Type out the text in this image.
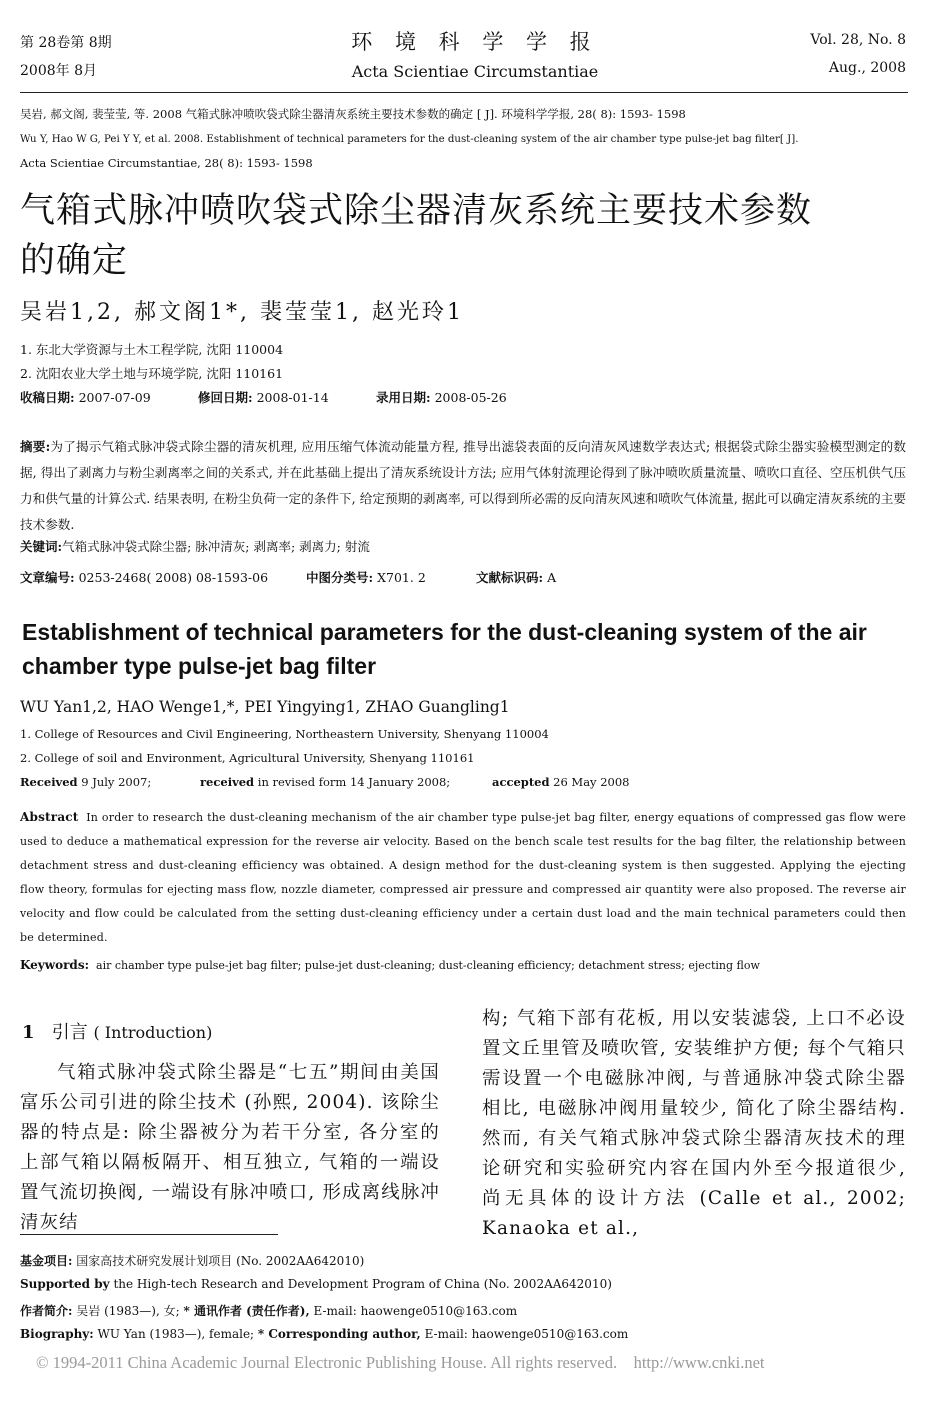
第 28卷第 8期
2008年 8月
环 境 科 学 学 报
Acta Scientiae Circumstantiae
Vol. 28, No. 8
Aug., 2008
吴岩, 郝文阁, 裴莹莹, 等. 2008 气箱式脉冲喷吹袋式除尘器清灰系统主要技术参数的确定 [ J]. 环境科学学报, 28( 8): 1593- 1598
Wu Y, Hao W G, Pei Y Y, et al. 2008. Establishment of technical parameters for the dust-cleaning system of the air chamber type pulse-jet bag filter[ J].
Acta Scientiae Circumstantiae, 28( 8): 1593- 1598
气箱式脉冲喷吹袋式除尘器清灰系统主要技术参数
的确定
吴岩1,2, 郝文阁1*, 裴莹莹1, 赵光玲1
1. 东北大学资源与土木工程学院, 沈阳 110004
2. 沈阳农业大学土地与环境学院, 沈阳 110161
收稿日期: 2007-07-09	修回日期: 2008-01-14	录用日期: 2008-05-26
摘要:为了揭示气箱式脉冲袋式除尘器的清灰机理, 应用压缩气体流动能量方程, 推导出滤袋表面的反向清灰风速数学表达式; 根据袋式除尘器实验模型测定的数据, 得出了剥离力与粉尘剥离率之间的关系式, 并在此基础上提出了清灰系统设计方法; 应用气体射流理论得到了脉冲喷吹质量流量、喷吹口直径、空压机供气压力和供气量的计算公式. 结果表明, 在粉尘负荷一定的条件下, 给定预期的剥离率, 可以得到所必需的反向清灰风速和喷吹气体流量, 据此可以确定清灰系统的主要技术参数.
关键词:气箱式脉冲袋式除尘器; 脉冲清灰; 剥离率; 剥离力; 射流
文章编号: 0253-2468( 2008) 08-1593-06	中图分类号: X701. 2	文献标识码: A
Establishment of technical parameters for the dust-cleaning system of the air
chamber type pulse-jet bag filter
WU Yan1,2, HAO Wenge1,*, PEI Yingying1, ZHAO Guangling1
1. College of Resources and Civil Engineering, Northeastern University, Shenyang 110004
2. College of soil and Environment, Agricultural University, Shenyang 110161
Received 9 July 2007;	received in revised form 14 January 2008;	accepted 26 May 2008
Abstract In order to research the dust-cleaning mechanism of the air chamber type pulse-jet bag filter, energy equations of compressed gas flow were used to deduce a mathematical expression for the reverse air velocity. Based on the bench scale test results for the bag filter, the relationship between detachment stress and dust-cleaning efficiency was obtained. A design method for the dust-cleaning system is then suggested. Applying the ejecting flow theory, formulas for ejecting mass flow, nozzle diameter, compressed air pressure and compressed air quantity were also proposed. The reverse air velocity and flow could be calculated from the setting dust-cleaning efficiency under a certain dust load and the main technical parameters could then be determined.
Keywords: air chamber type pulse-jet bag filter; pulse-jet dust-cleaning; dust-cleaning efficiency; detachment stress; ejecting flow
1 引言 ( Introduction)
气箱式脉冲袋式除尘器是“七五”期间由美国富乐公司引进的除尘技术 (孙熙, 2004). 该除尘器的特点是: 除尘器被分为若干分室, 各分室的上部气箱以隔板隔开、相互独立, 气箱的一端设置气流切换阀, 一端设有脉冲喷口, 形成离线脉冲清灰结
构; 气箱下部有花板, 用以安装滤袋, 上口不必设置文丘里管及喷吹管, 安装维护方便; 每个气箱只需设置一个电磁脉冲阀, 与普通脉冲袋式除尘器相比, 电磁脉冲阀用量较少, 简化了除尘器结构. 然而, 有关气箱式脉冲袋式除尘器清灰技术的理论研究和实验研究内容在国内外至今报道很少, 尚无具体的设计方法 (Calle et al., 2002; Kanaoka et al.,
基金项目: 国家高技术研究发展计划项目 (No. 2002AA642010)
Supported by the High-tech Research and Development Program of China (No. 2002AA642010)
作者简介: 吴岩 (1983—), 女; * 通讯作者 (责任作者), E-mail: haowenge0510@163.com
Biography: WU Yan (1983—), female; * Corresponding author, E-mail: haowenge0510@163.com
© 1994-2011 China Academic Journal Electronic Publishing House. All rights reserved. http://www.cnki.net
